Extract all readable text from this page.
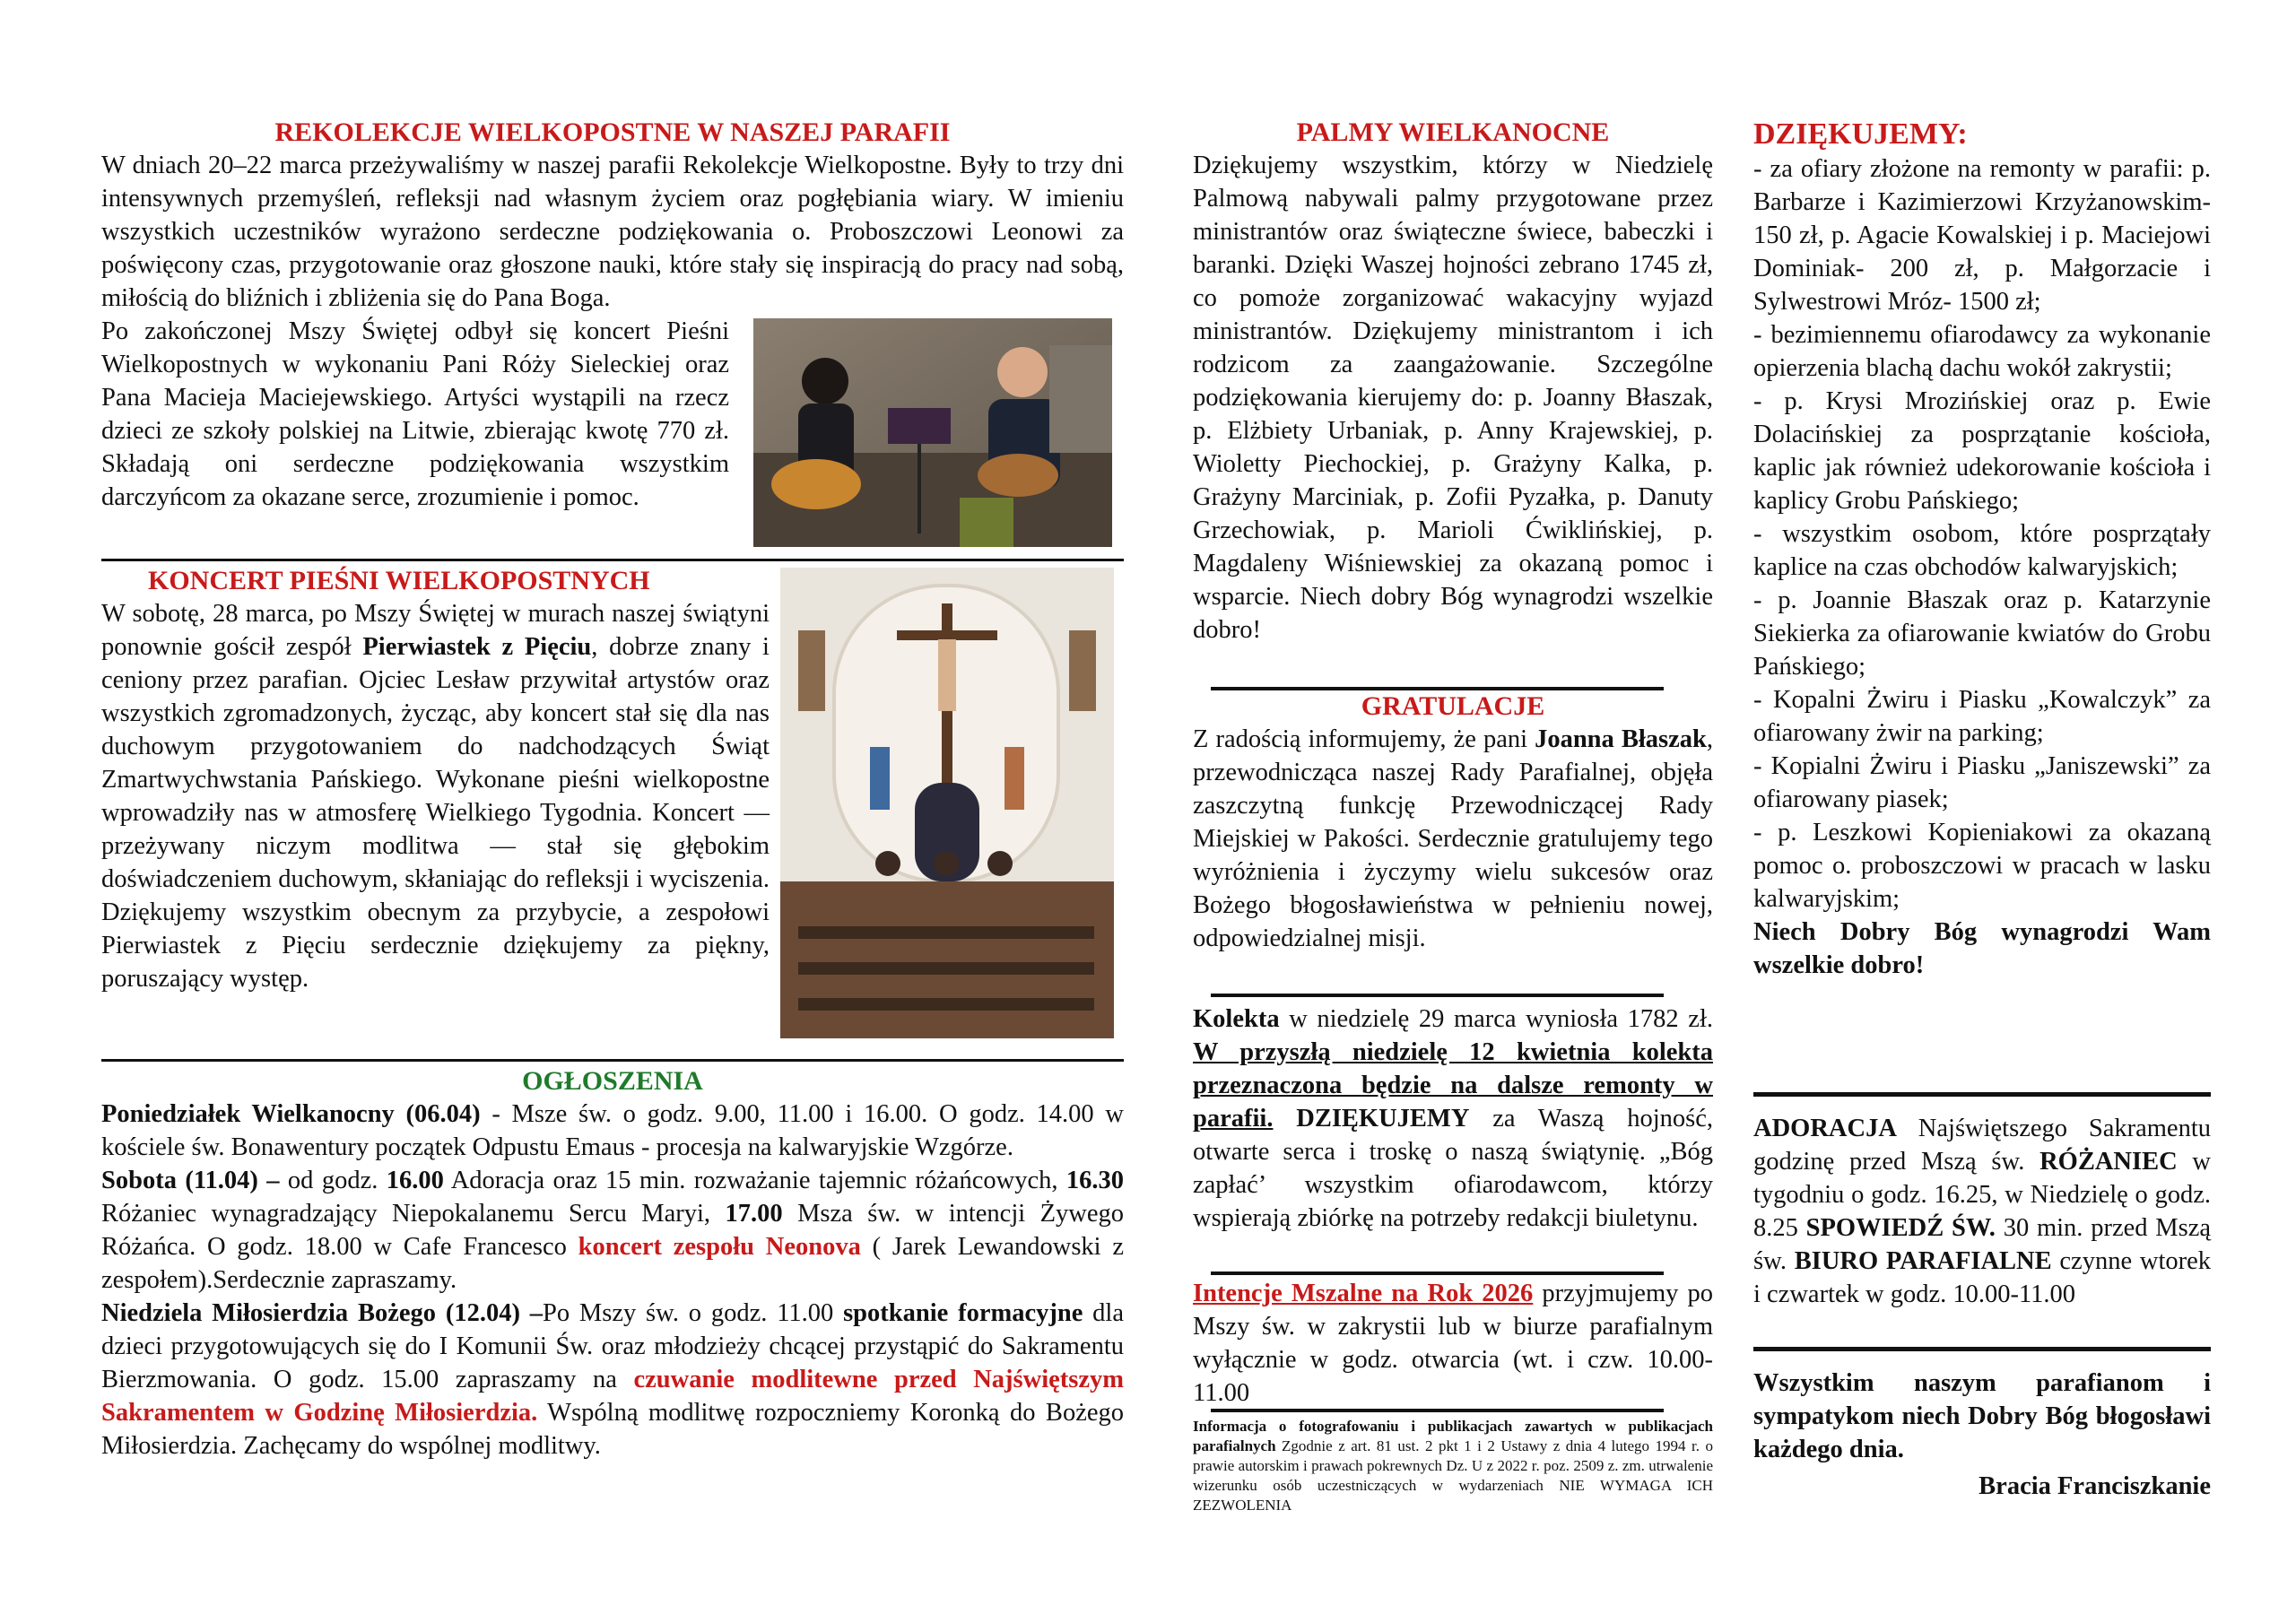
REKOLEKCJE WIELKOPOSTNE W NASZEJ PARAFII

W dniach 20–22 marca przeżywaliśmy w naszej parafii Rekolekcje Wielkopostne. Były to trzy dni intensywnych przemyśleń, refleksji nad własnym życiem oraz pogłębiania wiary. W imieniu wszystkich uczestników wyrażono serdeczne podziękowania o. Proboszczowi Leonowi za poświęcony czas, przygotowanie oraz głoszone nauki, które stały się inspiracją do pracy nad sobą, miłością do bliźnich i zbliżenia się do Pana Boga.

Po zakończonej Mszy Świętej odbył się koncert Pieśni Wielkopostnych w wykonaniu Pani Róży Sieleckiej oraz Pana Macieja Maciejewskiego. Artyści wystąpili na rzecz dzieci ze szkoły polskiej na Litwie, zbierając kwotę 770 zł. Składają oni serdeczne podziękowania wszystkim darczyńcom za okazane serce, zrozumienie i pomoc.

KONCERT PIEŚNI WIELKOPOSTNYCH

W sobotę, 28 marca, po Mszy Świętej w murach naszej świątyni ponownie gościł zespół Pierwiastek z Pięciu, dobrze znany i ceniony przez parafian. Ojciec Lesław przywitał artystów oraz wszystkich zgromadzonych, życząc, aby koncert stał się dla nas duchowym przygotowaniem do nadchodzących Świąt Zmartwychwstania Pańskiego. Wykonane pieśni wielkopostne wprowadziły nas w atmosferę Wielkiego Tygodnia. Koncert — przeżywany niczym modlitwa — stał się głębokim doświadczeniem duchowym, skłaniając do refleksji i wyciszenia. Dziękujemy wszystkim obecnym za przybycie, a zespołowi Pierwiastek z Pięciu serdecznie dziękujemy za piękny, poruszający występ.

OGŁOSZENIA

Poniedziałek Wielkanocny (06.04) - Msze św. o godz. 9.00, 11.00 i 16.00. O godz. 14.00 w kościele św. Bonawentury początek Odpustu Emaus - procesja na kalwaryjskie Wzgórze.

Sobota (11.04) – od godz. 16.00 Adoracja oraz 15 min. rozważanie tajemnic różańcowych, 16.30 Różaniec wynagradzający Niepokalanemu Sercu Maryi, 17.00 Msza św. w intencji Żywego Różańca. O godz. 18.00 w Cafe Francesco koncert zespołu Neonova ( Jarek Lewandowski z zespołem).Serdecznie zapraszamy.

Niedziela Miłosierdzia Bożego (12.04) –Po Mszy św. o godz. 11.00 spotkanie formacyjne dla dzieci przygotowujących się do I Komunii Św. oraz młodzieży chcącej przystąpić do Sakramentu Bierzmowania. O godz. 15.00 zapraszamy na czuwanie modlitewne przed Najświętszym Sakramentem w Godzinę Miłosierdzia. Wspólną modlitwę rozpoczniemy Koronką do Bożego Miłosierdzia. Zachęcamy do wspólnej modlitwy.

PALMY WIELKANOCNE

Dziękujemy wszystkim, którzy w Niedzielę Palmową nabywali palmy przygotowane przez ministrantów oraz świąteczne świece, babeczki i baranki. Dzięki Waszej hojności zebrano 1745 zł, co pomoże zorganizować wakacyjny wyjazd ministrantów. Dziękujemy ministrantom i ich rodzicom za zaangażowanie. Szczególne podziękowania kierujemy do: p. Joanny Błaszak, p. Elżbiety Urbaniak, p. Anny Krajewskiej, p. Wioletty Piechockiej, p. Grażyny Kalka, p. Grażyny Marciniak, p. Zofii Pyzałka, p. Danuty Grzechowiak, p. Marioli Ćwiklińskiej, p. Magdaleny Wiśniewskiej za okazaną pomoc i wsparcie. Niech dobry Bóg wynagrodzi wszelkie dobro!

GRATULACJE

Z radością informujemy, że pani Joanna Błaszak, przewodnicząca naszej Rady Parafialnej, objęła zaszczytną funkcję Przewodniczącej Rady Miejskiej w Pakości. Serdecznie gratulujemy tego wyróżnienia i życzymy wielu sukcesów oraz Bożego błogosławieństwa w pełnieniu nowej, odpowiedzialnej misji.

Kolekta w niedzielę 29 marca wyniosła 1782 zł. W przyszłą niedzielę 12 kwietnia kolekta przeznaczona będzie na dalsze remonty w parafii. DZIĘKUJEMY za Waszą hojność, otwarte serca i troskę o naszą świątynię. „Bóg zapłać’ wszystkim ofiarodawcom, którzy wspierają zbiórkę na potrzeby redakcji biuletynu.

Intencje Mszalne na Rok 2026 przyjmujemy po Mszy św. w zakrystii lub w biurze parafialnym wyłącznie w godz. otwarcia (wt. i czw. 10.00-11.00

Informacja o fotografowaniu i publikacjach zawartych w publikacjach parafialnych Zgodnie z art. 81 ust. 2 pkt 1 i 2 Ustawy z dnia 4 lutego 1994 r. o prawie autorskim i prawach pokrewnych Dz. U z 2022 r. poz. 2509 z. zm. utrwalenie wizerunku osób uczestniczących w wydarzeniach NIE WYMAGA ICH ZEZWOLENIA

DZIĘKUJEMY:

- za ofiary złożone na remonty w parafii: p. Barbarze i Kazimierzowi Krzyżanowskim- 150 zł, p. Agacie Kowalskiej i p. Maciejowi Dominiak- 200 zł, p. Małgorzacie i Sylwestrowi Mróz- 1500 zł;

- bezimiennemu ofiarodawcy za wykonanie opierzenia blachą dachu wokół zakrystii;

- p. Krysi Mrozińskiej oraz p. Ewie Dolacińskiej za posprzątanie kościoła, kaplic jak również udekorowanie kościoła i kaplicy Grobu Pańskiego;

- wszystkim osobom, które posprzątały kaplice na czas obchodów kalwaryjskich;

- p. Joannie Błaszak oraz p. Katarzynie Siekierka za ofiarowanie kwiatów do Grobu Pańskiego;

- Kopalni Żwiru i Piasku „Kowalczyk” za ofiarowany żwir na parking;

- Kopialni Żwiru i Piasku „Janiszewski” za ofiarowany piasek;

- p. Leszkowi Kopieniakowi za okazaną pomoc o. proboszczowi w pracach w lasku kalwaryjskim;

Niech Dobry Bóg wynagrodzi Wam wszelkie dobro!

ADORACJA Najświętszego Sakramentu godzinę przed Mszą św. RÓŻANIEC w tygodniu o godz. 16.25, w Niedzielę o godz. 8.25 SPOWIEDŹ ŚW. 30 min. przed Mszą św. BIURO PARAFIALNE czynne wtorek i czwartek w godz. 10.00-11.00

Wszystkim naszym parafianom i sympatykom niech Dobry Bóg błogosławi każdego dnia.

Bracia Franciszkanie
